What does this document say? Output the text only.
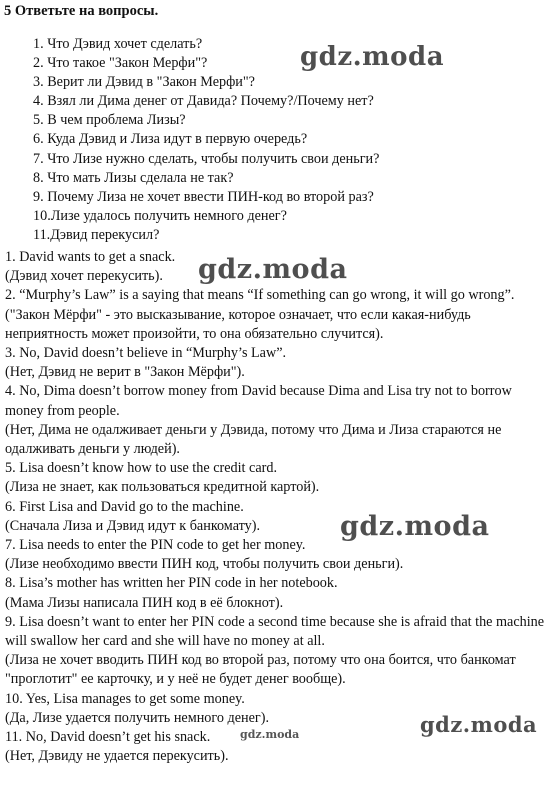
5 Ответьте на вопросы.
1. Что Дэвид хочет сделать?
2. Что такое "Закон Мерфи"?
3. Верит ли Дэвид в "Закон Мерфи"?
4. Взял ли Дима денег от Давида? Почему?/Почему нет?
5. В чем проблема Лизы?
6. Куда Дэвид и Лиза идут в первую очередь?
7. Что Лизе нужно сделать, чтобы получить свои деньги?
8. Что мать Лизы сделала не так?
9. Почему Лиза не хочет ввести ПИН-код во второй раз?
10.Лизе удалось получить немного денег?
11.Дэвид перекусил?

1. David wants to get a snack.

(Дэвид хочет перекусить).

2. “Murphy’s Law” is a saying that means “If something can go wrong, it will go wrong”.

("Закон Мёрфи" - это высказывание, которое означает, что если какая-нибудь неприятность может произойти, то она обязательно случится).

3. No, David doesn’t believe in “Murphy’s Law”.

(Нет, Дэвид не верит в "Закон Мёрфи").

4. No, Dima doesn’t borrow money from David because Dima and Lisa try not to borrow money from people.

(Нет, Дима не одалживает деньги у Дэвида, потому что Дима и Лиза стараются не одалживать деньги у людей).

5. Lisa doesn’t know how to use the credit card.

(Лиза не знает, как пользоваться кредитной картой).

6. First Lisa and David go to the machine.

(Сначала Лиза и Дэвид идут к банкомату).

7. Lisa needs to enter the PIN code to get her money.

(Лизе необходимо ввести ПИН код, чтобы получить свои деньги).

8. Lisa’s mother has written her PIN code in her notebook.

(Мама Лизы написала ПИН код в её блокнот).

9. Lisa doesn’t want to enter her PIN code a second time because she is afraid that the machine will swallow her card and she will have no money at all.

(Лиза не хочет вводить ПИН код во второй раз, потому что она боится, что банкомат "проглотит" ее карточку, и у неё не будет денег вообще).

10. Yes, Lisa manages to get some money.

(Да, Лизе удается получить немного денег).

11. No, David doesn’t get his snack.

(Нет, Дэвиду не удается перекусить).

gdz.moda
gdz.moda
gdz.moda
gdz.moda
gdz.moda
